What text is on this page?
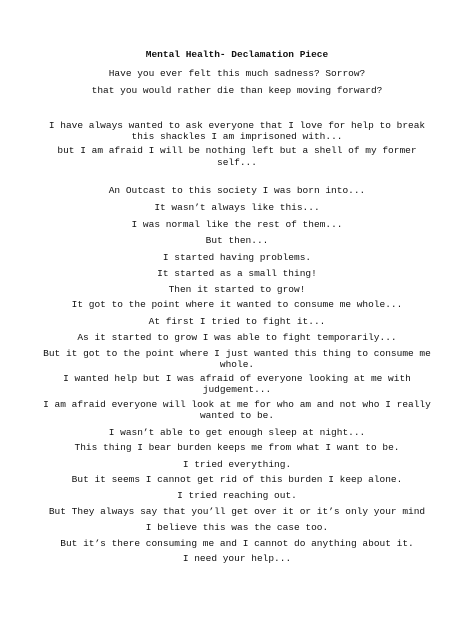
Mental Health- Declamation Piece
Have you ever felt this much sadness? Sorrow?
that you would rather die than keep moving forward?
I have always wanted to ask everyone that I love for help to break
this shackles I am imprisoned with...
but I am afraid I will be nothing left but a shell of my former
self...
An Outcast to this society I was born into...
It wasn’t always like this...
I was normal like the rest of them...
But then...
I started having problems.
It started as a small thing!
Then it started to grow!
It got to the point where it wanted to consume me whole...
At first I tried to fight it...
As it started to grow I was able to fight temporarily...
But it got to the point where I just wanted this thing to consume me
whole.
I wanted help but I was afraid of everyone looking at me with
judgement...
I am afraid everyone will look at me for who am and not who I really
wanted to be.
I wasn’t able to get enough sleep at night...
This thing I bear burden keeps me from what I want to be.
I tried everything.
But it seems I cannot get rid of this burden I keep alone.
I tried reaching out.
But They always say that you’ll get over it or it’s only your mind
I believe this was the case too.
But it’s there consuming me and I cannot do anything about it.
I need your help...
